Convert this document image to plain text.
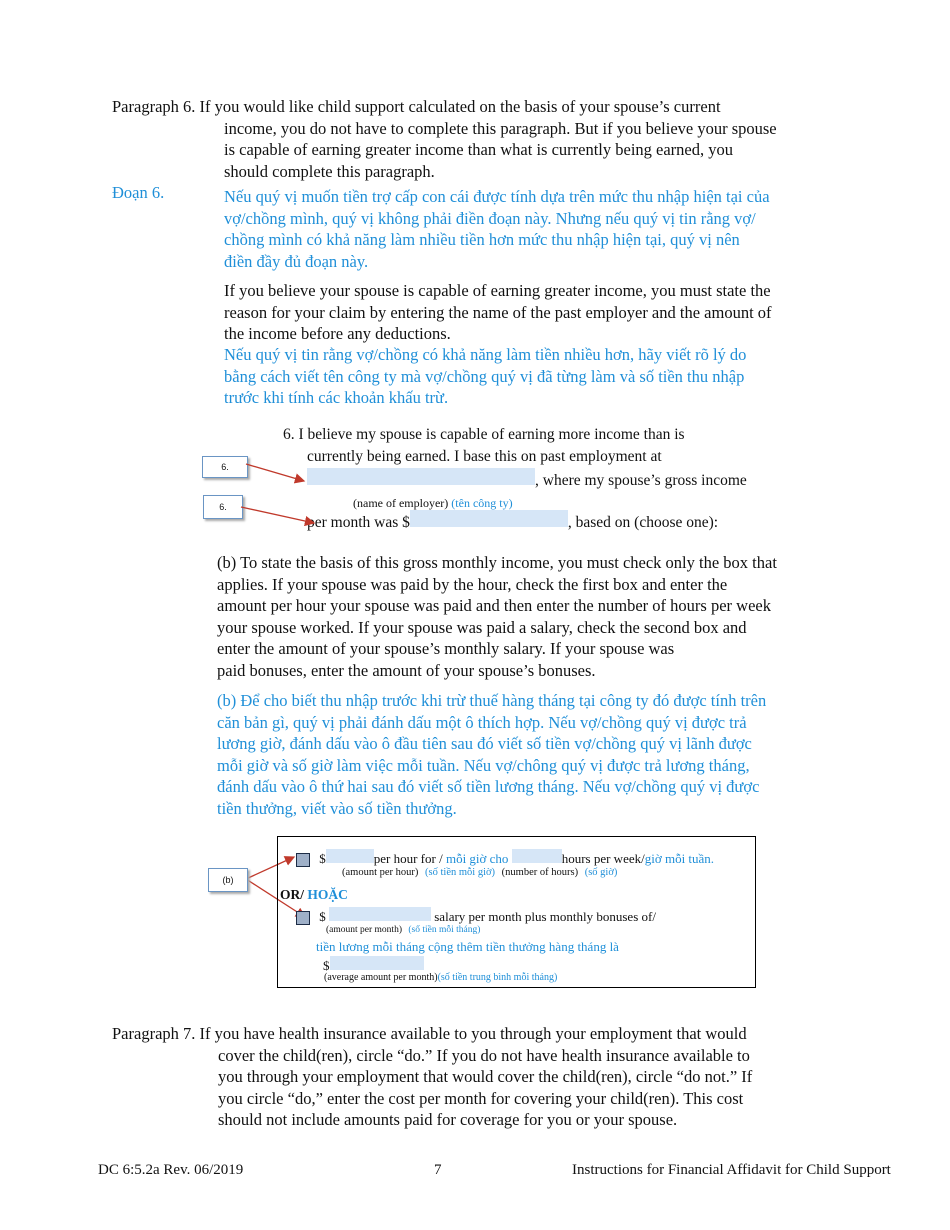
Paragraph 6. If you would like child support calculated on the basis of your spouse’s current

income, you do not have to complete this paragraph. But if you believe your spouse

is capable of earning greater income than what is currently being earned, you

should complete this paragraph.

Đoạn 6.	Nếu quý vị muốn tiền trợ cấp con cái được tính dựa trên mức thu nhập hiện tại của

vợ/chồng mình, quý vị không phải điền đoạn này. Nhưng nếu quý vị tin rằng vợ/

chồng mình có khả năng làm nhiều tiền hơn mức thu nhập hiện tại, quý vị nên

điền đầy đủ đoạn này.

If you believe your spouse is capable of earning greater income, you must state the

reason for your claim by entering the name of the past employer and the amount of

the income before any deductions.

Nếu quý vị tin rằng vợ/chồng có khả năng làm tiền nhiều hơn, hãy viết rõ lý do

bằng cách viết tên công ty mà vợ/chồng quý vị đã từng làm và số tiền thu nhập

trước khi tính các khoản khấu trừ.

6. I believe my spouse is capable of earning more income than is
currently being earned. I base this on past employment at
, where my spouse’s gross income
(name of employer) (tên công ty)
per month was $	, based on (choose one):
6.
6.

(b) To state the basis of this gross monthly income, you must check only the box that

applies. If your spouse was paid by the hour, check the first box and enter the

amount per hour your spouse was paid and then enter the number of hours per week

your spouse worked. If your spouse was paid a salary, check the second box and

enter the amount of your spouse’s monthly salary. If your spouse was

paid bonuses, enter the amount of your spouse’s bonuses.

(b) Để cho biết thu nhập trước khi trừ thuế hàng tháng tại công ty đó được tính trên

căn bản gì, quý vị phải đánh dấu một ô thích hợp. Nếu vợ/chồng quý vị được trả

lương giờ, đánh dấu vào ô đầu tiên sau đó viết số tiền vợ/chồng quý vị lãnh được

mỗi giờ và số giờ làm việc mỗi tuần. Nếu vợ/chông quý vị được trả lương tháng,

đánh dấu vào ô thứ hai sau đó viết số tiền lương tháng. Nếu vợ/chồng quý vị được

tiền thưởng, viết vào số tiền thưởng.

$	per hour for / mỗi giờ cho	hours per week/giờ mỗi tuần.
(amount per hour) (số tiền mỗi giờ) (number of hours) (số giờ)
OR/ HOẶC
$	salary per month plus monthly bonuses of/
(amount per month) (số tiền mỗi tháng)
tiền lương mỗi tháng cộng thêm tiền thưởng hàng tháng là
$
(average amount per month)(số tiền trung bình mỗi tháng)
(b)

Paragraph 7. If you have health insurance available to you through your employment that would

cover the child(ren), circle “do.” If you do not have health insurance available to

you through your employment that would cover the child(ren), circle “do not.” If

you circle “do,” enter the cost per month for covering your child(ren). This cost

should not include amounts paid for coverage for you or your spouse.

DC 6:5.2a Rev. 06/2019	7	Instructions for Financial Affidavit for Child Support
